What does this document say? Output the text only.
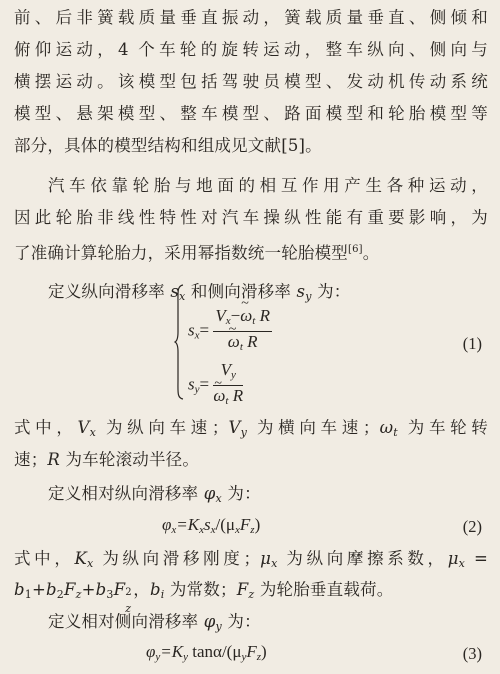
前、后非簧载质量垂直振动，簧载质量垂直、侧倾和
俯仰运动，4 个车轮的旋转运动，整车纵向、侧向与
横摆运动。该模型包括驾驶员模型、发动机传动系统
模型、悬架模型、整车模型、路面模型和轮胎模型等
部分，具体的模型结构和组成见文献[5]。
汽车依靠轮胎与地面的相互作用产生各种运动，
因此轮胎非线性特性对汽车操纵性能有重要影响，为
了准确计算轮胎力，采用幂指数统一轮胎模型[6]。
定义纵向滑移率 $s_x$ 和侧向滑移率 $s_y$ 为：
$s_x=$ $V_x-\sim$ $\omega_t$ R
~ $\omega_t$ R
$s_y= V_y$
~ $\omega_t$ R
(1)
式中，$V_x$ 为纵向车速；$V_y$ 为横向车速；$\omega_t$ 为车轮转
速；R 为车轮滚动半径。
定义相对纵向滑移率 $\varphi_x$ 为：
$\varphi_x=K_xs_x/(\mu_xF_z)$	(2)
式中，$K_x$ 为纵向滑移刚度；$\mu_x$ 为纵向摩擦系数，$\mu_x$ =
$b_1+b_2F_z+b_3F$ 2
z
，$b_i$ 为常数；$F_z$ 为轮胎垂直载荷。
定义相对侧向滑移率 $\varphi_y$ 为：
$\varphi_y=K_y$ tanα/$(\mu_yF_z)$	(3)
